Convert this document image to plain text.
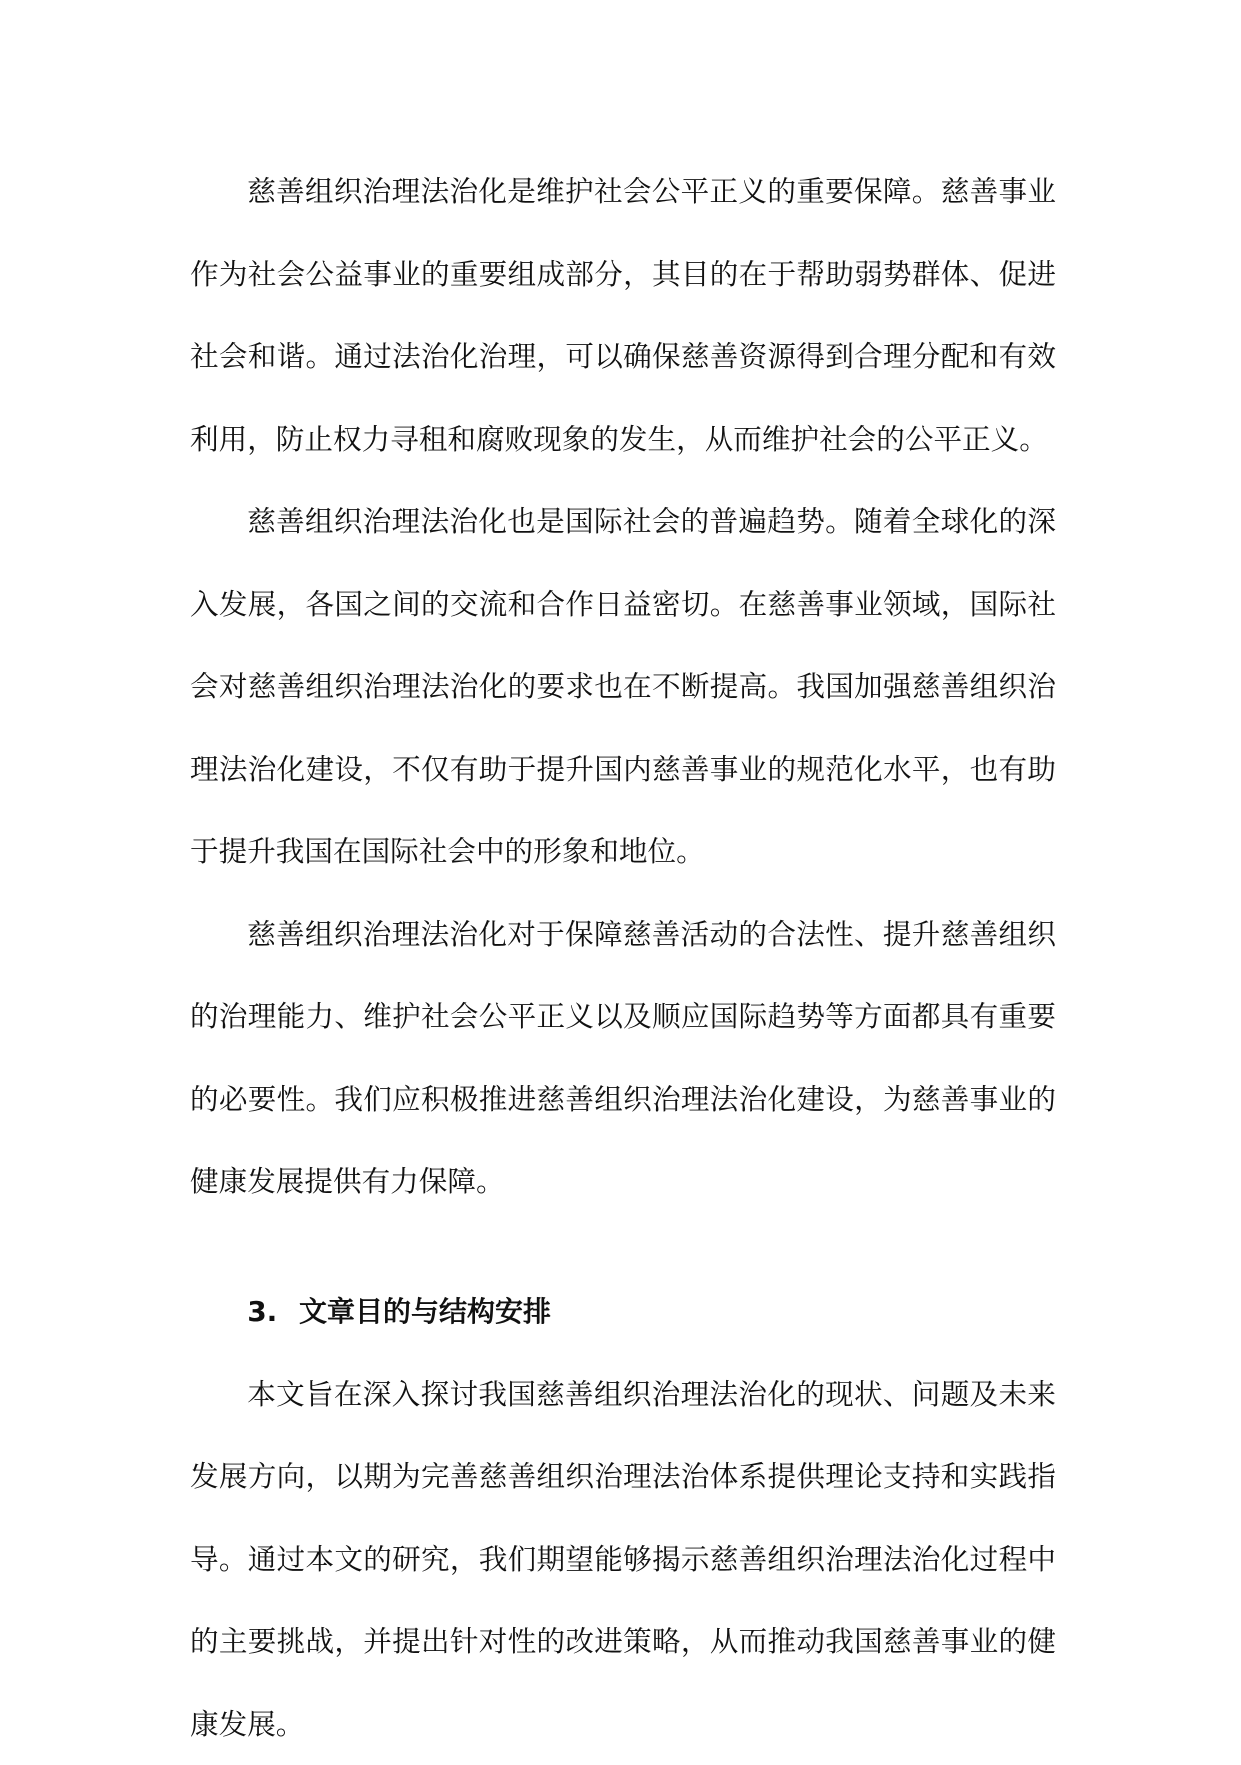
慈善组织治理法治化是维护社会公平正义的重要保障。慈善事业作为社会公益事业的重要组成部分，其目的在于帮助弱势群体、促进社会和谐。通过法治化治理，可以确保慈善资源得到合理分配和有效利用，防止权力寻租和腐败现象的发生，从而维护社会的公平正义。

慈善组织治理法治化也是国际社会的普遍趋势。随着全球化的深入发展，各国之间的交流和合作日益密切。在慈善事业领域，国际社会对慈善组织治理法治化的要求也在不断提高。我国加强慈善组织治理法治化建设，不仅有助于提升国内慈善事业的规范化水平，也有助于提升我国在国际社会中的形象和地位。

慈善组织治理法治化对于保障慈善活动的合法性、提升慈善组织的治理能力、维护社会公平正义以及顺应国际趋势等方面都具有重要的必要性。我们应积极推进慈善组织治理法治化建设，为慈善事业的健康发展提供有力保障。

3. 文章目的与结构安排

本文旨在深入探讨我国慈善组织治理法治化的现状、问题及未来发展方向，以期为完善慈善组织治理法治体系提供理论支持和实践指导。通过本文的研究，我们期望能够揭示慈善组织治理法治化过程中的主要挑战，并提出针对性的改进策略，从而推动我国慈善事业的健康发展。
